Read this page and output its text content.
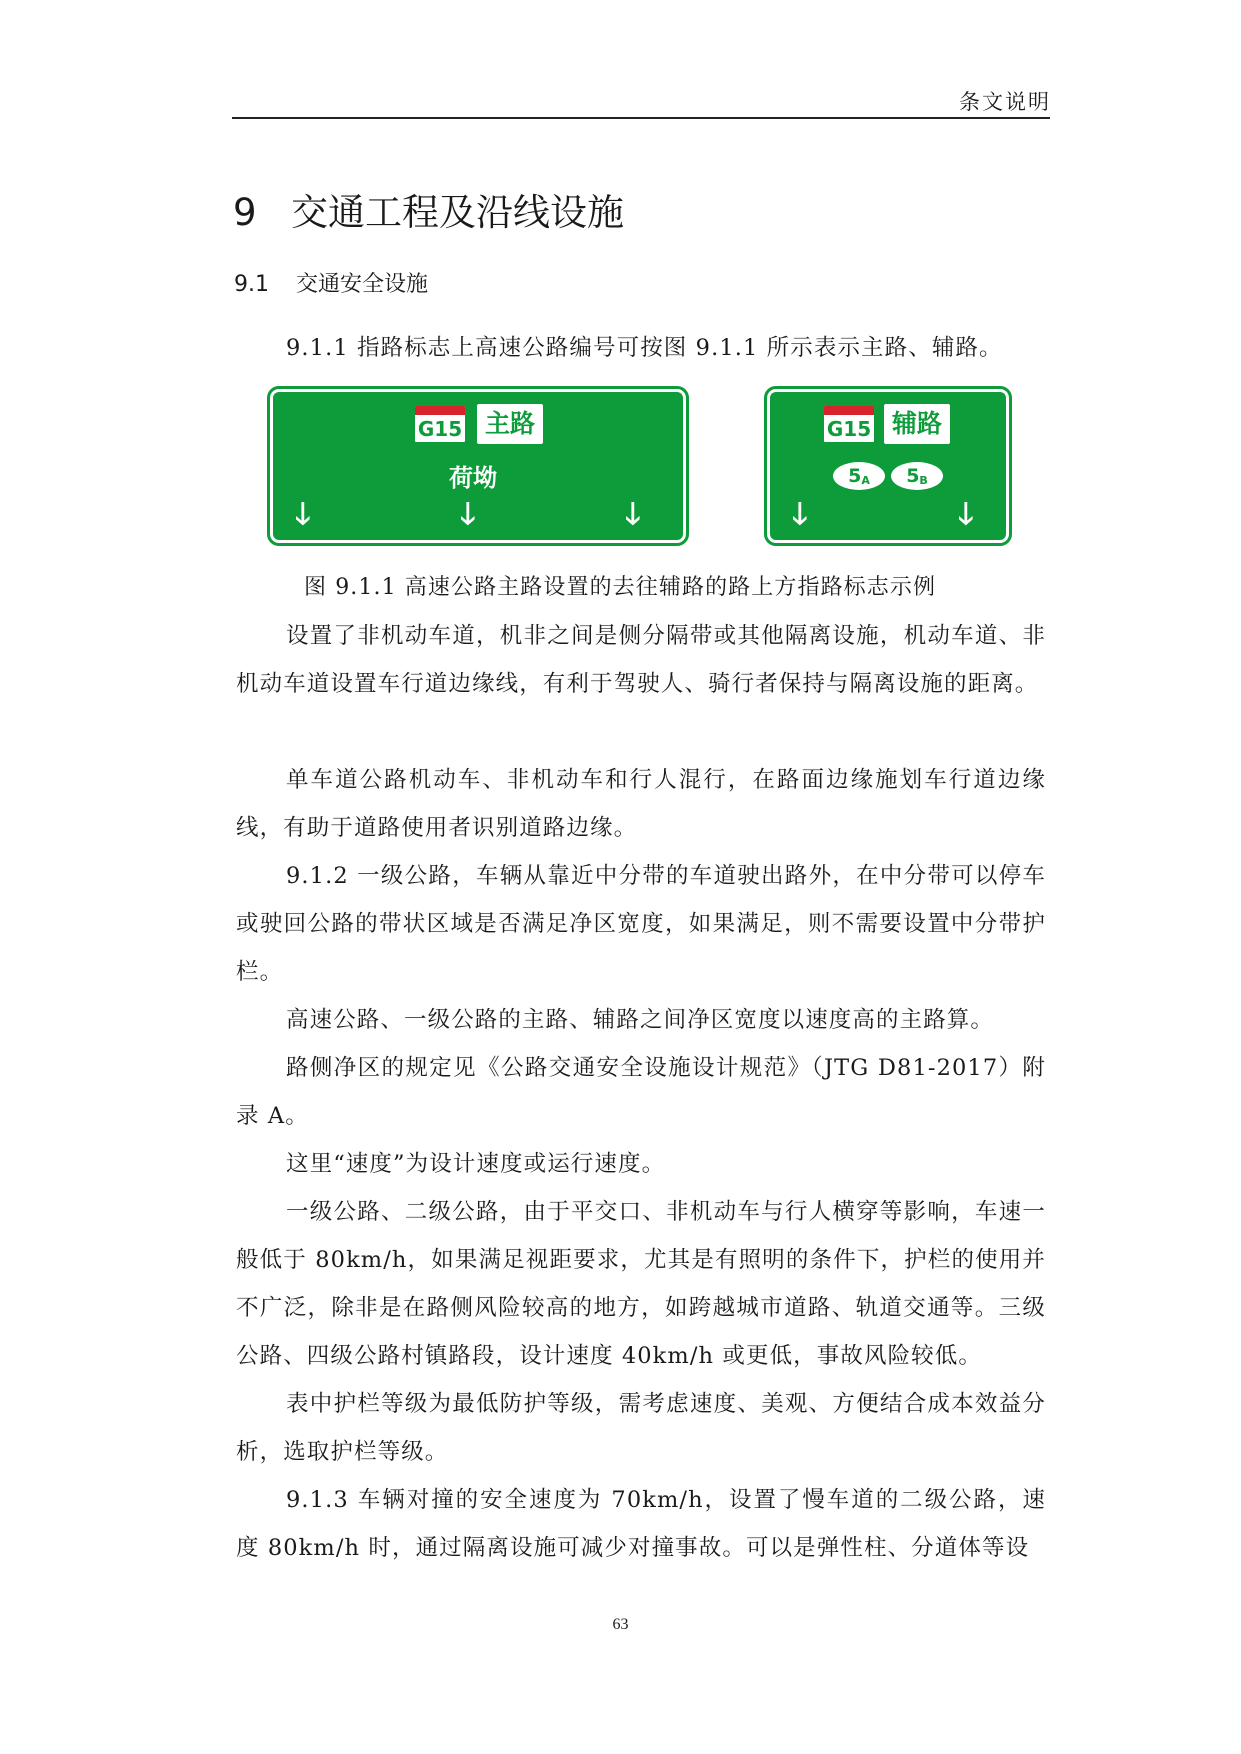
条文说明
9 交通工程及沿线设施
9.1 交通安全设施

9.1.1 指路标志上高速公路编号可按图 9.1.1 所示表示主路、辅路。

G15 主路
荷坳
🡓	🡓	🡓
G15 辅路
$5_A$	$5_B$
🡓	🡓
图 9.1.1 高速公路主路设置的去往辅路的路上方指路标志示例

设置了非机动车道，机非之间是侧分隔带或其他隔离设施，机动车道、非机动车道设置车行道边缘线，有利于驾驶人、骑行者保持与隔离设施的距离。

单车道公路机动车、非机动车和行人混行，在路面边缘施划车行道边缘线，有助于道路使用者识别道路边缘。

9.1.2 一级公路，车辆从靠近中分带的车道驶出路外，在中分带可以停车或驶回公路的带状区域是否满足净区宽度，如果满足，则不需要设置中分带护栏。

高速公路、一级公路的主路、辅路之间净区宽度以速度高的主路算。

路侧净区的规定见《公路交通安全设施设计规范》（JTG D81-2017）附录 A。

这里“速度”为设计速度或运行速度。

一级公路、二级公路，由于平交口、非机动车与行人横穿等影响，车速一般低于 80km/h，如果满足视距要求，尤其是有照明的条件下，护栏的使用并不广泛，除非是在路侧风险较高的地方，如跨越城市道路、轨道交通等。三级公路、四级公路村镇路段，设计速度 40km/h 或更低，事故风险较低。

表中护栏等级为最低防护等级，需考虑速度、美观、方便结合成本效益分析，选取护栏等级。

9.1.3 车辆对撞的安全速度为 70km/h，设置了慢车道的二级公路，速度 80km/h 时，通过隔离设施可减少对撞事故。可以是弹性柱、分道体等设

63
